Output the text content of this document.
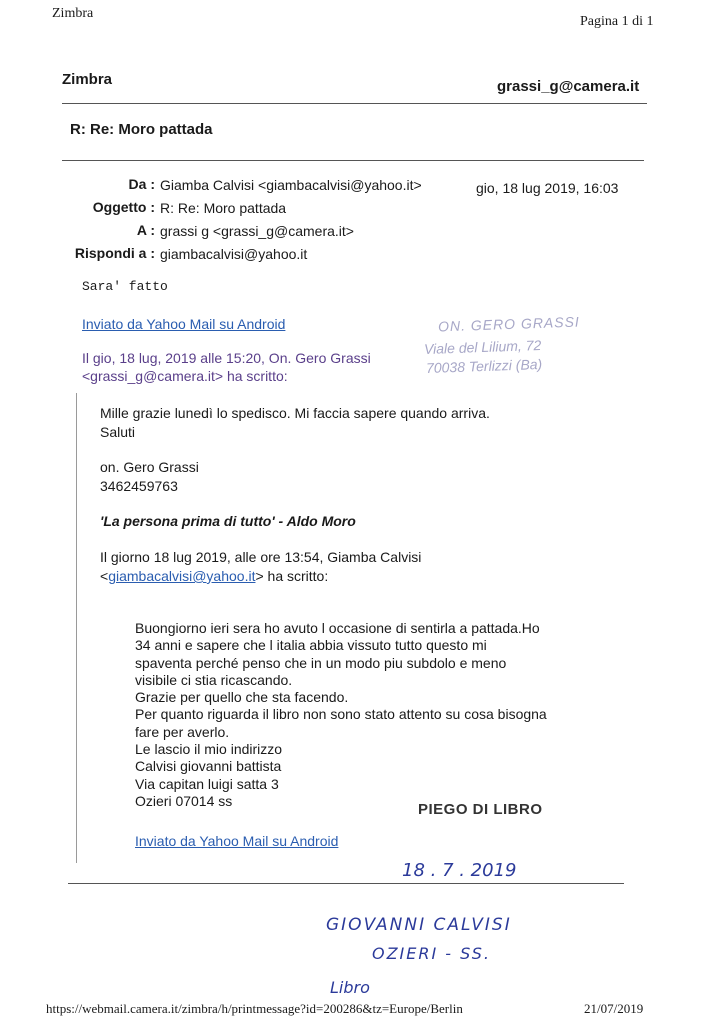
Zimbra
Pagina 1 di 1
Zimbra	grassi_g@camera.it
R: Re: Moro pattada
Da : Giamba Calvisi <giambacalvisi@yahoo.it>	gio, 18 lug 2019, 16:03
Oggetto : R: Re: Moro pattada
A : grassi g <grassi_g@camera.it>
Rispondi a : giambacalvisi@yahoo.it
Sara' fatto
Inviato da Yahoo Mail su Android
Il gio, 18 lug, 2019 alle 15:20, On. Gero Grassi
<grassi_g@camera.it> ha scritto:
ON. GERO GRASSI
Viale del Lilium, 72
70038 Terlizzi (Ba)
Mille grazie lunedì lo spedisco. Mi faccia sapere quando arriva.
Saluti
on. Gero Grassi
3462459763
'La persona prima di tutto' - Aldo Moro
Il giorno 18 lug 2019, alle ore 13:54, Giamba Calvisi
<giambacalvisi@yahoo.it> ha scritto:
Buongiorno ieri sera ho avuto l occasione di sentirla a pattada.Ho
34 anni e sapere che l italia abbia vissuto tutto questo mi
spaventa perché penso che in un modo piu subdolo e meno
visibile ci stia ricascando.
Grazie per quello che sta facendo.
Per quanto riguarda il libro non sono stato attento su cosa bisogna
fare per averlo.
Le lascio il mio indirizzo
Calvisi giovanni battista
Via capitan luigi satta 3
Ozieri 07014 ss
PIEGO DI LIBRO
Inviato da Yahoo Mail su Android
18 . 7 . 2019
GIOVANNI CALVISI
OZIERI - SS.
Libro
https://webmail.camera.it/zimbra/h/printmessage?id=200286&tz=Europe/Berlin	21/07/2019
